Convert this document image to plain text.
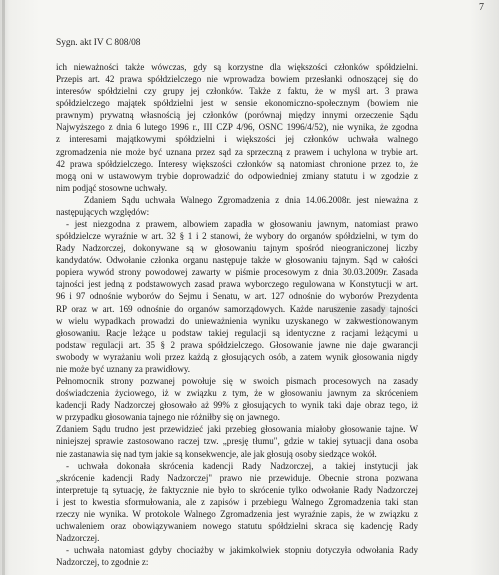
7
Sygn. akt IV C 808/08
ich nieważności także wówczas, gdy są korzystne dla większości członków spółdzielni.
Przepis art. 42 prawa spółdzielczego nie wprowadza bowiem przesłanki odnoszącej się do
interesów spółdzielni czy grupy jej członków. Także z faktu, że w myśl art. 3 prawa
spółdzielczego majątek spółdzielni jest w sensie ekonomiczno-społecznym (bowiem nie
prawnym) prywatną własnością jej członków (porównaj między innymi orzeczenie Sądu
Najwyższego z dnia 6 lutego 1996 r., III CZP 4/96, OSNC 1996/4/52), nie wynika, że zgodna
z interesami majątkowymi spółdzielni i większości jej członków uchwała walnego
zgromadzenia nie może być uznana przez sąd za sprzeczną z prawem i uchylona w trybie art.
42 prawa spółdzielczego. Interesy większości członków są natomiast chronione przez to, że
mogą oni w ustawowym trybie doprowadzić do odpowiedniej zmiany statutu i w zgodzie z
nim podjąć stosowne uchwały.
Zdaniem Sądu uchwała Walnego Zgromadzenia z dnia 14.06.2008r. jest nieważna z
następujących względów:
- jest niezgodna z prawem, albowiem zapadła w głosowaniu jawnym, natomiast prawo
spółdzielcze wyraźnie w art. 32 § 1 i 2 stanowi, że wybory do organów spółdzielni, w tym do
Rady Nadzorczej, dokonywane są w głosowaniu tajnym spośród nieograniczonej liczby
kandydatów. Odwołanie członka organu następuje także w głosowaniu tajnym. Sąd w całości
popiera wywód strony powodowej zawarty w piśmie procesowym z dnia 30.03.2009r. Zasada
tajności jest jedną z podstawowych zasad prawa wyborczego regulowana w Konstytucji w art.
96 i 97 odnośnie wyborów do Sejmu i Senatu, w art. 127 odnośnie do wyborów Prezydenta
RP oraz w art. 169 odnośnie do organów samorządowych. Każde naruszenie zasady tajności
w wielu wypadkach prowadzi do unieważnienia wyniku uzyskanego w zakwestionowanym
głosowaniu. Racje leżące u podstaw takiej regulacji są identyczne z racjami leżącymi u
podstaw regulacji art. 35 § 2 prawa spółdzielczego. Głosowanie jawne nie daje gwarancji
swobody w wyrażaniu woli przez każdą z głosujących osób, a zatem wynik głosowania nigdy
nie może być uznany za prawidłowy.
Pełnomocnik strony pozwanej powołuje się w swoich pismach procesowych na zasady
doświadczenia życiowego, iż w związku z tym, że w głosowaniu jawnym za skróceniem
kadencji Rady Nadzorczej głosowało aż 99% z głosujących to wynik taki daje obraz tego, iż
w przypadku głosowania tajnego nie różniłby się on jawnego.
Zdaniem Sądu trudno jest przewidzieć jaki przebieg głosowania miałoby głosowanie tajne. W
niniejszej sprawie zastosowano raczej tzw. „presję tłumu", gdzie w takiej sytuacji dana osoba
nie zastanawia się nad tym jakie są konsekwencje, ale jak głosują osoby siedzące wokół.
- uchwała dokonała skrócenia kadencji Rady Nadzorczej, a takiej instytucji jak
„skrócenie kadencji Rady Nadzorczej" prawo nie przewiduje. Obecnie strona pozwana
interpretuje tą sytuację, że faktycznie nie było to skrócenie tylko odwołanie Rady Nadzorczej
i jest to kwestia sformułowania, ale z zapisów i przebiegu Walnego Zgromadzenia taki stan
rzeczy nie wynika. W protokole Walnego Zgromadzenia jest wyraźnie zapis, że w związku z
uchwaleniem oraz obowiązywaniem nowego statutu spółdzielni skraca się kadencję Rady
Nadzorczej.
- uchwała natomiast gdyby chociażby w jakimkolwiek stopniu dotyczyła odwołania Rady
Nadzorczej, to zgodnie z:
